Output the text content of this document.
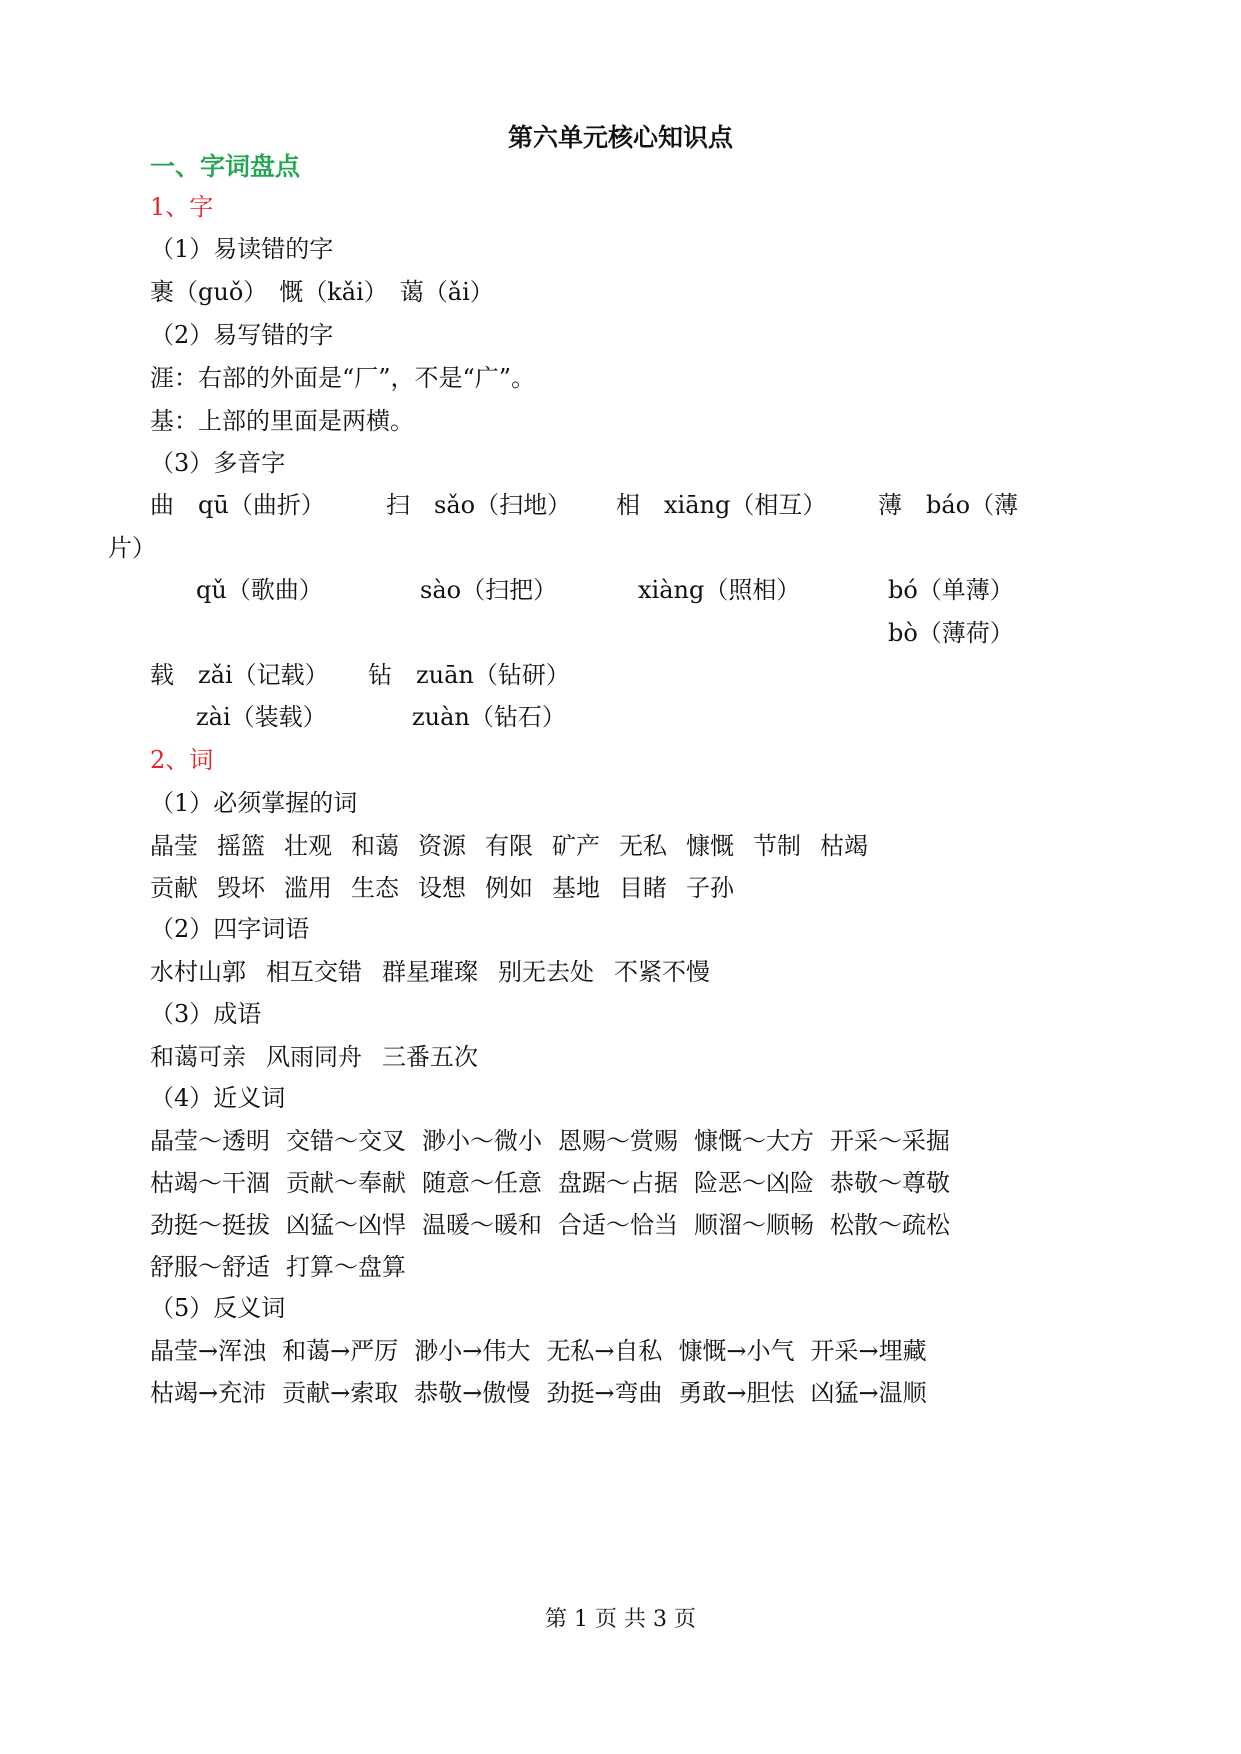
第六单元核心知识点
一、字词盘点
1、字
（1）易读错的字
裹（guǒ）　慨（kǎi）　蔼（ǎi）
（2）易写错的字
涯：右部的外面是“厂”，不是“广”。
基：上部的里面是两横。
（3）多音字
曲　qū（曲折）	扫　sǎo（扫地） 相　xiāng（相互） 薄　báo（薄
片）
qǔ（歌曲）	sào（扫把）	xiàng（照相）	bó（单薄）
bò（薄荷）
载　zǎi（记载） 钻　zuān（钻研）
zài（装载）	zuàn（钻石）
2、词
（1）必须掌握的词
晶莹 摇篮 壮观 和蔼 资源 有限 矿产 无私 慷慨 节制 枯竭
贡献 毁坏 滥用 生态 设想 例如 基地 目睹 子孙
（2）四字词语
水村山郭 相互交错 群星璀璨 别无去处 不紧不慢
（3）成语
和蔼可亲 风雨同舟 三番五次
（4）近义词
晶莹～透明 交错～交叉 渺小～微小 恩赐～赏赐 慷慨～大方 开采～采掘
枯竭～干涸 贡献～奉献 随意～任意 盘踞～占据 险恶～凶险 恭敬～尊敬
劲挺～挺拔 凶猛～凶悍 温暖～暖和 合适～恰当 顺溜～顺畅 松散～疏松
舒服～舒适 打算～盘算
（5）反义词
晶莹→浑浊 和蔼→严厉 渺小→伟大 无私→自私 慷慨→小气 开采→埋藏
枯竭→充沛 贡献→索取 恭敬→傲慢 劲挺→弯曲 勇敢→胆怯 凶猛→温顺
第 1 页 共 3 页
